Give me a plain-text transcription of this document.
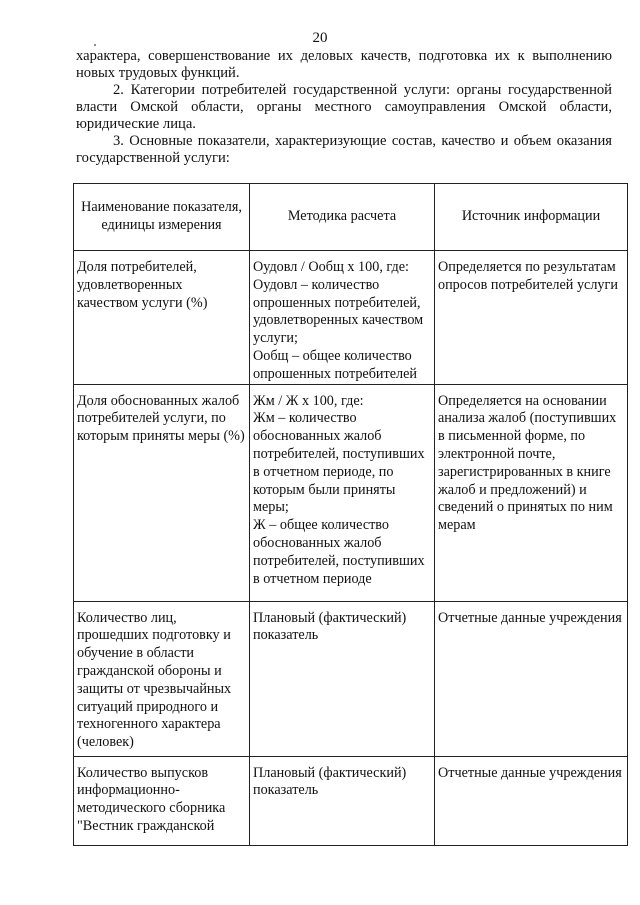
20
характера, совершенствование их деловых качеств, подготовка их к выполнению новых трудовых функций.
2. Категории потребителей государственной услуги: органы государственной власти Омской области, органы местного самоуправления Омской области, юридические лица.
3. Основные показатели, характеризующие состав, качество и объем оказания государственной услуги:
Наименование показателя, единицы измерения	Методика расчета	Источник информации

Доля потребителей, удовлетворенных качеством услуги (%)	Оудовл / Ообщ x 100, где:
Оудовл – количество опрошенных потребителей, удовлетворенных качеством услуги;
Ообщ – общее количество опрошенных потребителей	Определяется по результатам опросов потребителей услуги

Доля обоснованных жалоб потребителей услуги, по которым приняты меры (%)	Жм / Ж x 100, где:
Жм – количество обоснованных жалоб потребителей, поступивших в отчетном периоде, по которым были приняты меры;
Ж – общее количество обоснованных жалоб потребителей, поступивших в отчетном периоде	Определяется на основании анализа жалоб (поступивших в письменной форме, по электронной почте, зарегистрированных в книге жалоб и предложений) и сведений о принятых по ним мерам

Количество лиц, прошедших подготовку и обучение в области гражданской обороны и защиты от чрезвычайных ситуаций природного и техногенного характера (человек)	Плановый (фактический) показатель	Отчетные данные учреждения

Количество выпусков информационно-методического сборника "Вестник гражданской	Плановый (фактический) показатель	Отчетные данные учреждения
